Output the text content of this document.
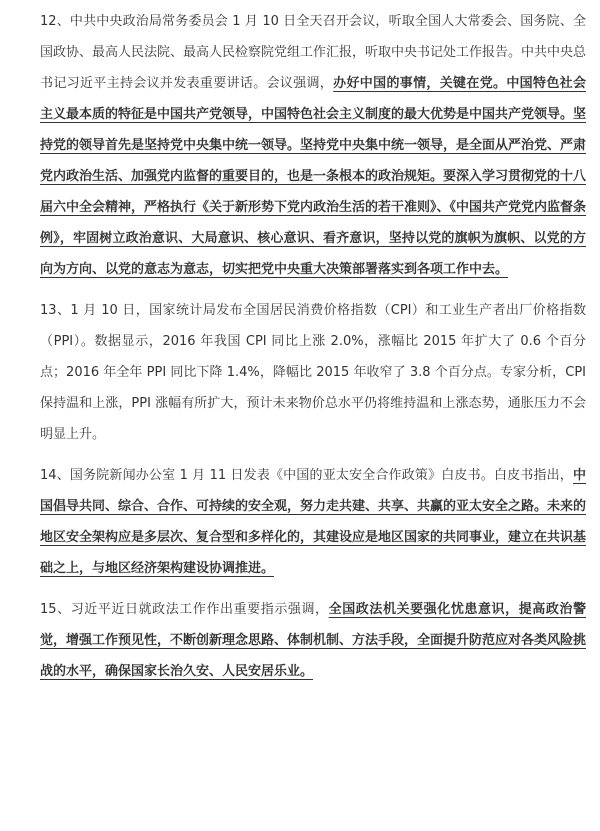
12、中共中央政治局常务委员会 1 月 10 日全天召开会议，听取全国人大常委会、国务院、全国政协、最高人民法院、最高人民检察院党组工作汇报，听取中央书记处工作报告。中共中央总书记习近平主持会议并发表重要讲话。会议强调，办好中国的事情，关键在党。中国特色社会主义最本质的特征是中国共产党领导，中国特色社会主义制度的最大优势是中国共产党领导。坚持党的领导首先是坚持党中央集中统一领导。坚持党中央集中统一领导，是全面从严治党、严肃党内政治生活、加强党内监督的重要目的，也是一条根本的政治规矩。要深入学习贯彻党的十八届六中全会精神，严格执行《关于新形势下党内政治生活的若干准则》、《中国共产党党内监督条例》，牢固树立政治意识、大局意识、核心意识、看齐意识，坚持以党的旗帜为旗帜、以党的方向为方向、以党的意志为意志，切实把党中央重大决策部署落实到各项工作中去。

13、1 月 10 日，国家统计局发布全国居民消费价格指数（CPI）和工业生产者出厂价格指数（PPI）。数据显示，2016 年我国 CPI 同比上涨 2.0%，涨幅比 2015 年扩大了 0.6 个百分点；2016 年全年 PPI 同比下降 1.4%，降幅比 2015 年收窄了 3.8 个百分点。专家分析，CPI 保持温和上涨，PPI 涨幅有所扩大，预计未来物价总水平仍将维持温和上涨态势，通胀压力不会明显上升。

14、国务院新闻办公室 1 月 11 日发表《中国的亚太安全合作政策》白皮书。白皮书指出，中国倡导共同、综合、合作、可持续的安全观，努力走共建、共享、共赢的亚太安全之路。未来的地区安全架构应是多层次、复合型和多样化的，其建设应是地区国家的共同事业，建立在共识基础之上，与地区经济架构建设协调推进。

15、习近平近日就政法工作作出重要指示强调，全国政法机关要强化忧患意识，提高政治警觉，增强工作预见性，不断创新理念思路、体制机制、方法手段，全面提升防范应对各类风险挑战的水平，确保国家长治久安、人民安居乐业。
